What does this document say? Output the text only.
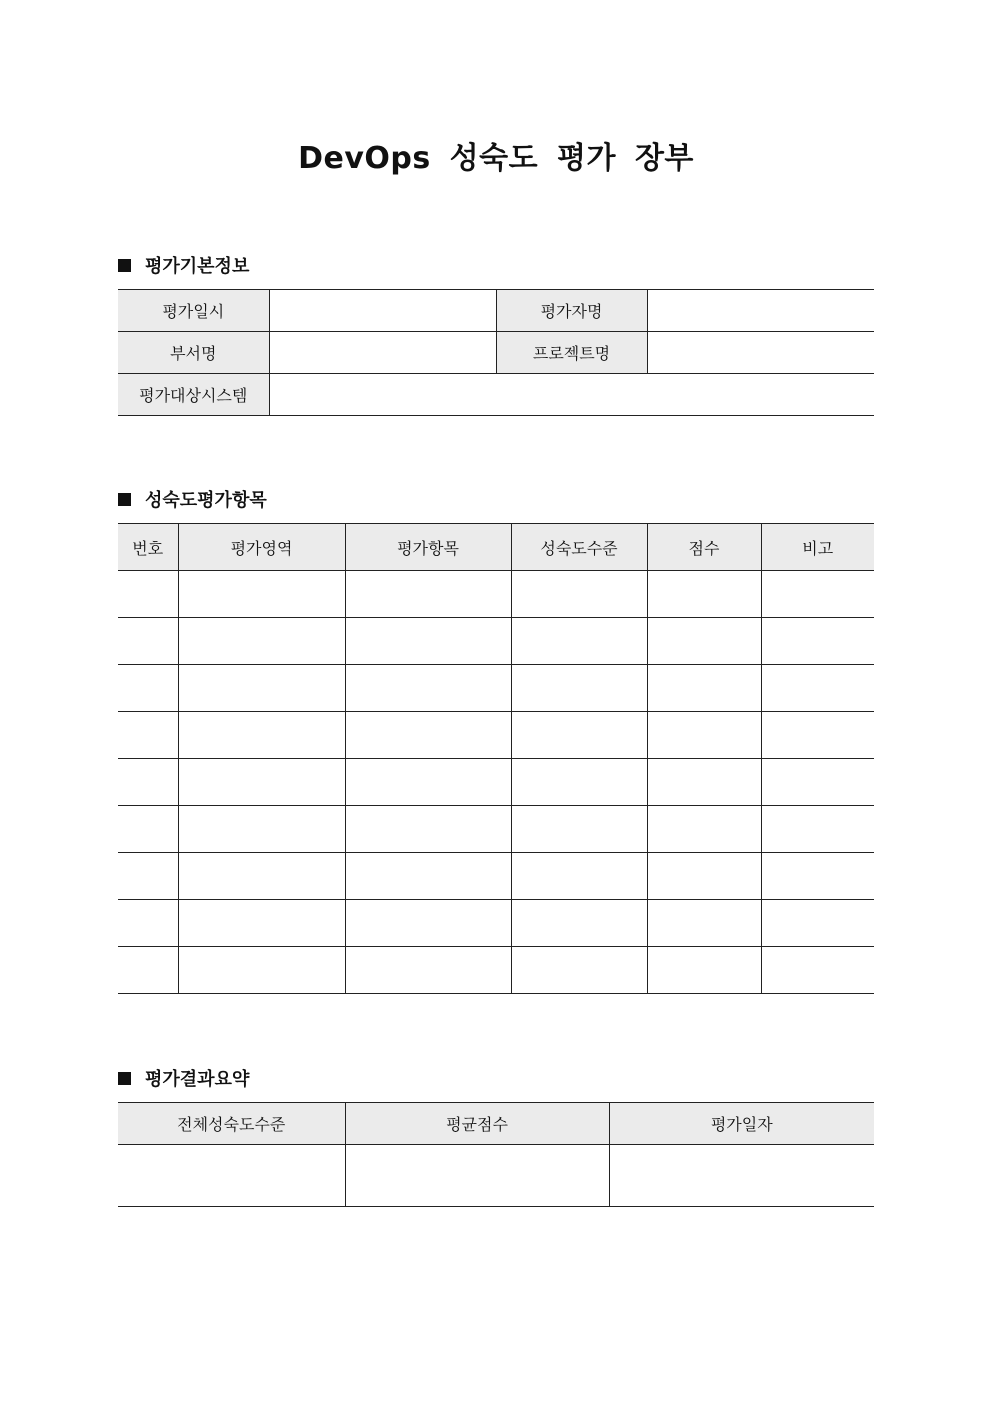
DevOps 성숙도 평가 장부
평가기본정보
평가일시		평가자명	
부서명		프로젝트명	
평가대상시스템			
성숙도평가항목
번호	평가영역	평가항목	성숙도수준	점수	비고

평가결과요약
전체성숙도수준	평균점수	평가일자
